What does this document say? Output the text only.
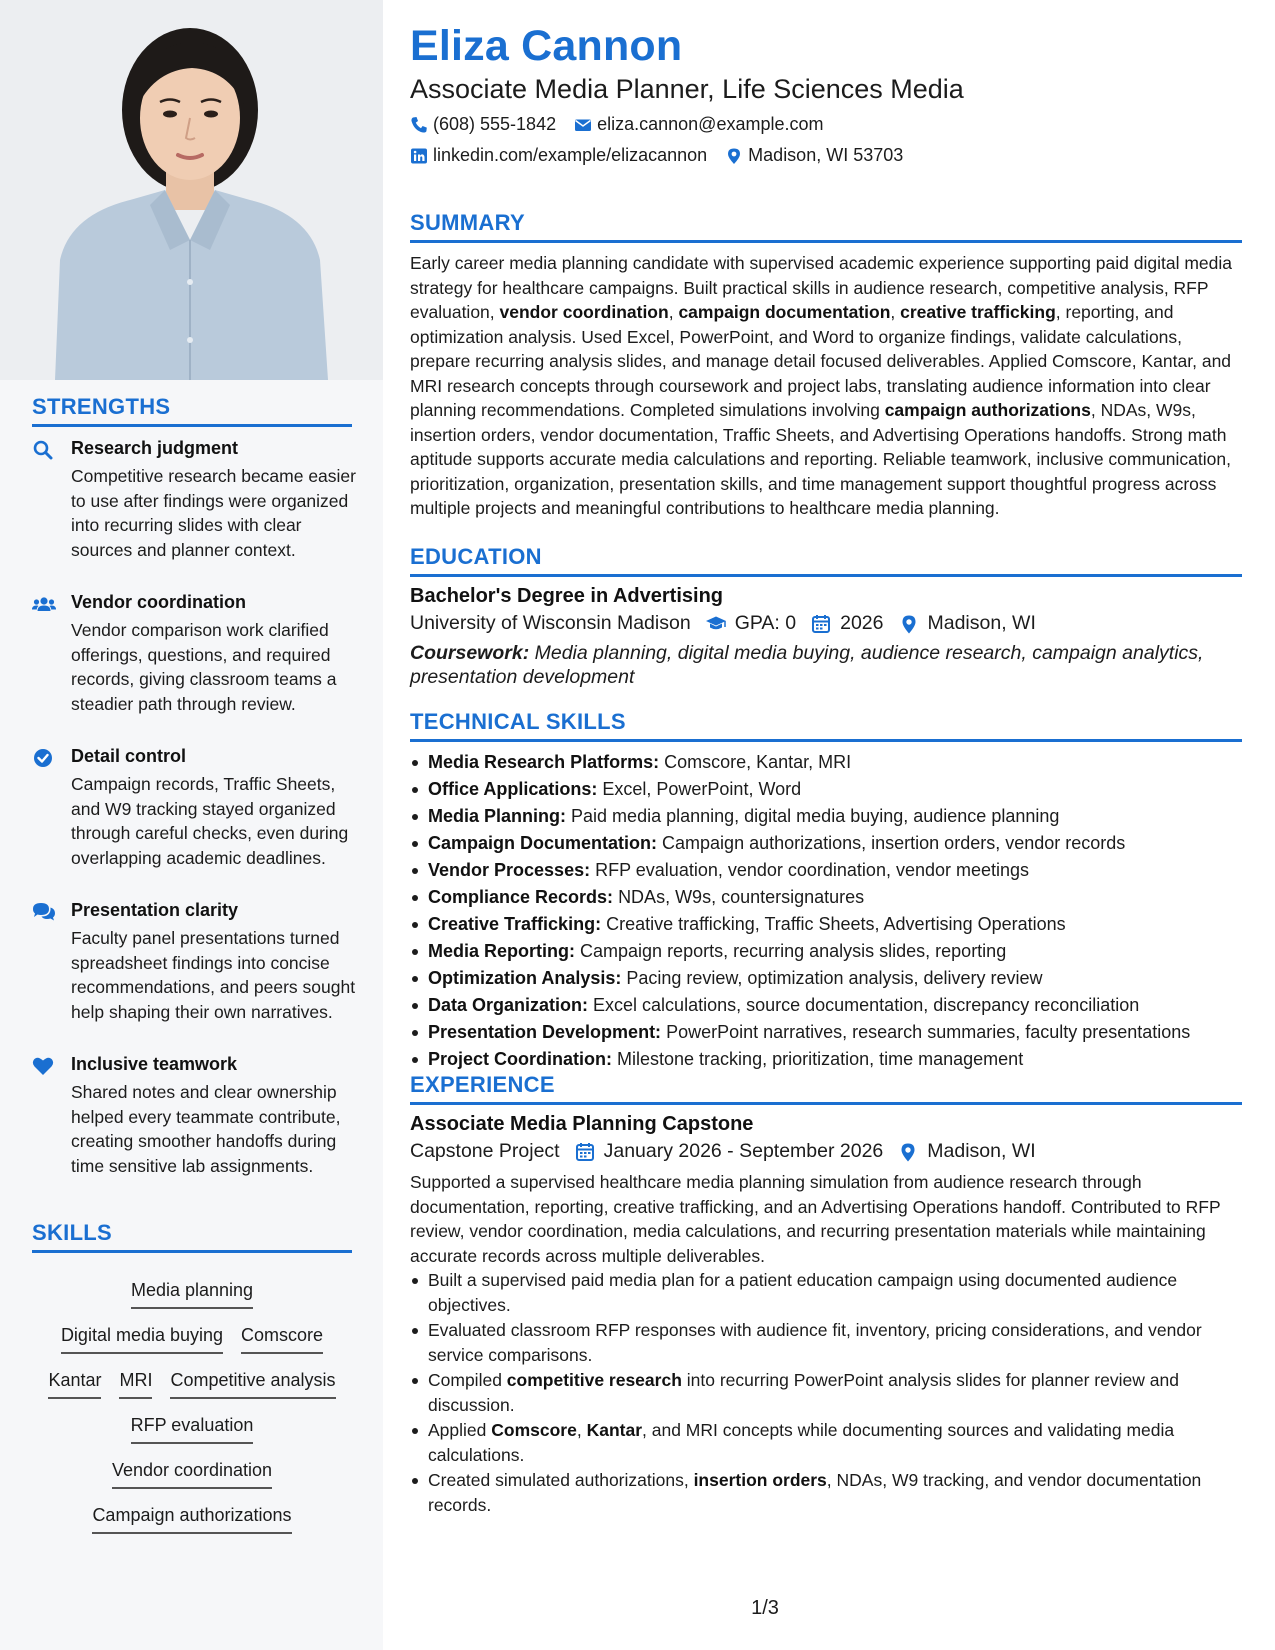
STRENGTHS
Research judgment
Competitive research became easier to use after findings were organized into recurring slides with clear sources and planner context.
Vendor coordination
Vendor comparison work clarified offerings, questions, and required records, giving classroom teams a steadier path through review.
Detail control
Campaign records, Traffic Sheets, and W9 tracking stayed organized through careful checks, even during overlapping academic deadlines.
Presentation clarity
Faculty panel presentations turned spreadsheet findings into concise recommendations, and peers sought help shaping their own narratives.
Inclusive teamwork
Shared notes and clear ownership helped every teammate contribute, creating smoother handoffs during time sensitive lab assignments.
SKILLS
Media planning
Digital media buying Comscore
Kantar MRI Competitive analysis
RFP evaluation
Vendor coordination
Campaign authorizations
Eliza Cannon
Associate Media Planner, Life Sciences Media
(608) 555-1842 eliza.cannon@example.com
linkedin.com/example/elizacannon Madison, WI 53703
SUMMARY
Early career media planning candidate with supervised academic experience supporting paid digital media strategy for healthcare campaigns. Built practical skills in audience research, competitive analysis, RFP evaluation, vendor coordination, campaign documentation, creative trafficking, reporting, and optimization analysis. Used Excel, PowerPoint, and Word to organize findings, validate calculations, prepare recurring analysis slides, and manage detail focused deliverables. Applied Comscore, Kantar, and MRI research concepts through coursework and project labs, translating audience information into clear planning recommendations. Completed simulations involving campaign authorizations, NDAs, W9s, insertion orders, vendor documentation, Traffic Sheets, and Advertising Operations handoffs. Strong math aptitude supports accurate media calculations and reporting. Reliable teamwork, inclusive communication, prioritization, organization, presentation skills, and time management support thoughtful progress across multiple projects and meaningful contributions to healthcare media planning.
EDUCATION
Bachelor's Degree in Advertising
University of Wisconsin Madison GPA: 0 2026 Madison, WI
Coursework: Media planning, digital media buying, audience research, campaign analytics, presentation development
TECHNICAL SKILLS
Media Research Platforms: Comscore, Kantar, MRI
Office Applications: Excel, PowerPoint, Word
Media Planning: Paid media planning, digital media buying, audience planning
Campaign Documentation: Campaign authorizations, insertion orders, vendor records
Vendor Processes: RFP evaluation, vendor coordination, vendor meetings
Compliance Records: NDAs, W9s, countersignatures
Creative Trafficking: Creative trafficking, Traffic Sheets, Advertising Operations
Media Reporting: Campaign reports, recurring analysis slides, reporting
Optimization Analysis: Pacing review, optimization analysis, delivery review
Data Organization: Excel calculations, source documentation, discrepancy reconciliation
Presentation Development: PowerPoint narratives, research summaries, faculty presentations
Project Coordination: Milestone tracking, prioritization, time management
EXPERIENCE
Associate Media Planning Capstone
Capstone Project January 2026 - September 2026 Madison, WI
Supported a supervised healthcare media planning simulation from audience research through documentation, reporting, creative trafficking, and an Advertising Operations handoff. Contributed to RFP review, vendor coordination, media calculations, and recurring presentation materials while maintaining accurate records across multiple deliverables.
Built a supervised paid media plan for a patient education campaign using documented audience objectives.
Evaluated classroom RFP responses with audience fit, inventory, pricing considerations, and vendor service comparisons.
Compiled competitive research into recurring PowerPoint analysis slides for planner review and discussion.
Applied Comscore, Kantar, and MRI concepts while documenting sources and validating media calculations.
Created simulated authorizations, insertion orders, NDAs, W9 tracking, and vendor documentation records.
1/3
